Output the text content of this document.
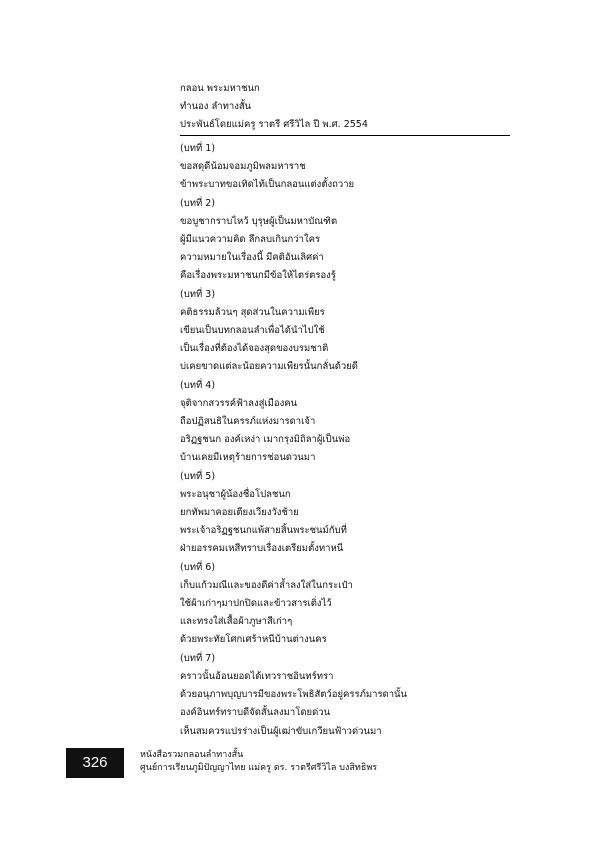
กลอน พระมหาชนก
ทำนอง ลำทางสั้น
ประพันธ์โดยแม่ครู ราตรี ศรีวิไล ปี พ.ศ. 2554
(บทที่ 1)
ขอสดุดีน้อมจอมภูมิพลมหาราช
ข้าพระบาทขอเทิดไท้เป็นกลอนแต่งตั้งถวาย
(บทที่ 2)
ขอบูชากราบไหว้ บุรุษผู้เป็นมหาบัณฑิต
ผู้มีแนวความคิด ลึกลบเกินกว่าใคร
ความหมายในเรื่องนี้ มีคติอันเลิศค่า
คือเรื่องพระมหาชนกมีข้อให้ไตร่ตรองรู้
(บทที่ 3)
คติธรรมล้วนๆ สุดส่วนในความเพียร
เขียนเป็นบทกลอนลำเพื่อได้นำไปใช้
เป็นเรื่องที่ต้องได้จองสุดของบรมชาติ
บ่เคยขาดแต่ละน้อยความเพียรนั้นกลั่นด้วยดี
(บทที่ 4)
จุติจากสวรรค์ฟ้าลงสู่เมืองคน
ถือปฏิสนธิในครรภ์แห่งมารดาเจ้า
อริฏฐชนก องค์เหง่า เมากรุงมิถิลาผู้เป็นพ่อ
บ้านเคยมีเหตุร้ายการช่อนดวนมา
(บทที่ 5)
พระอนุชาผู้น้องชื่อโปลชนก
ยกทัพมาคอยเตียงเวียงวังช้าย
พระเจ้าอริฏฐชนกแพ้สายสิ้นพระชนม์กับที่
ฝ่ายอรรคมเหสีทราบเรื่องเตรียมตั้งทาหนี
(บทที่ 6)
เก็บแก้วมณีและของดีค่าล้ำลงใส่ในกระเป๋า
ใช้ผ้าเก่าๆมาปกปิดและข้าวสารเติ่งไว้
และทรงใส่เสื้อผ้าภูษาสีเก่าๆ
ด้วยพระทัยโศกเศร้าหนีบ้านต่างนคร
(บทที่ 7)
คราวนั้นอ้อนยอดได้เทวราชอินทร์ทรา
ด้วยอนุภาพบุญบารมีของพระโพธิสัตว์อยู่ครรภ์มารดานั้น
องค์อินทร์ทราบดีจัดสั้นลงมาโดยด่วน
เห็นสมควรแปรร่างเป็นผู้เฒ่าขับเกวียนฟ้าวด่วนมา
326	หนังสือรวมกลอนลำทางสั้น
ศูนย์การเรียนภูมิปัญญาไทย แม่ครู ดร. ราตรีศรีวิไล บงสิทธิพร
